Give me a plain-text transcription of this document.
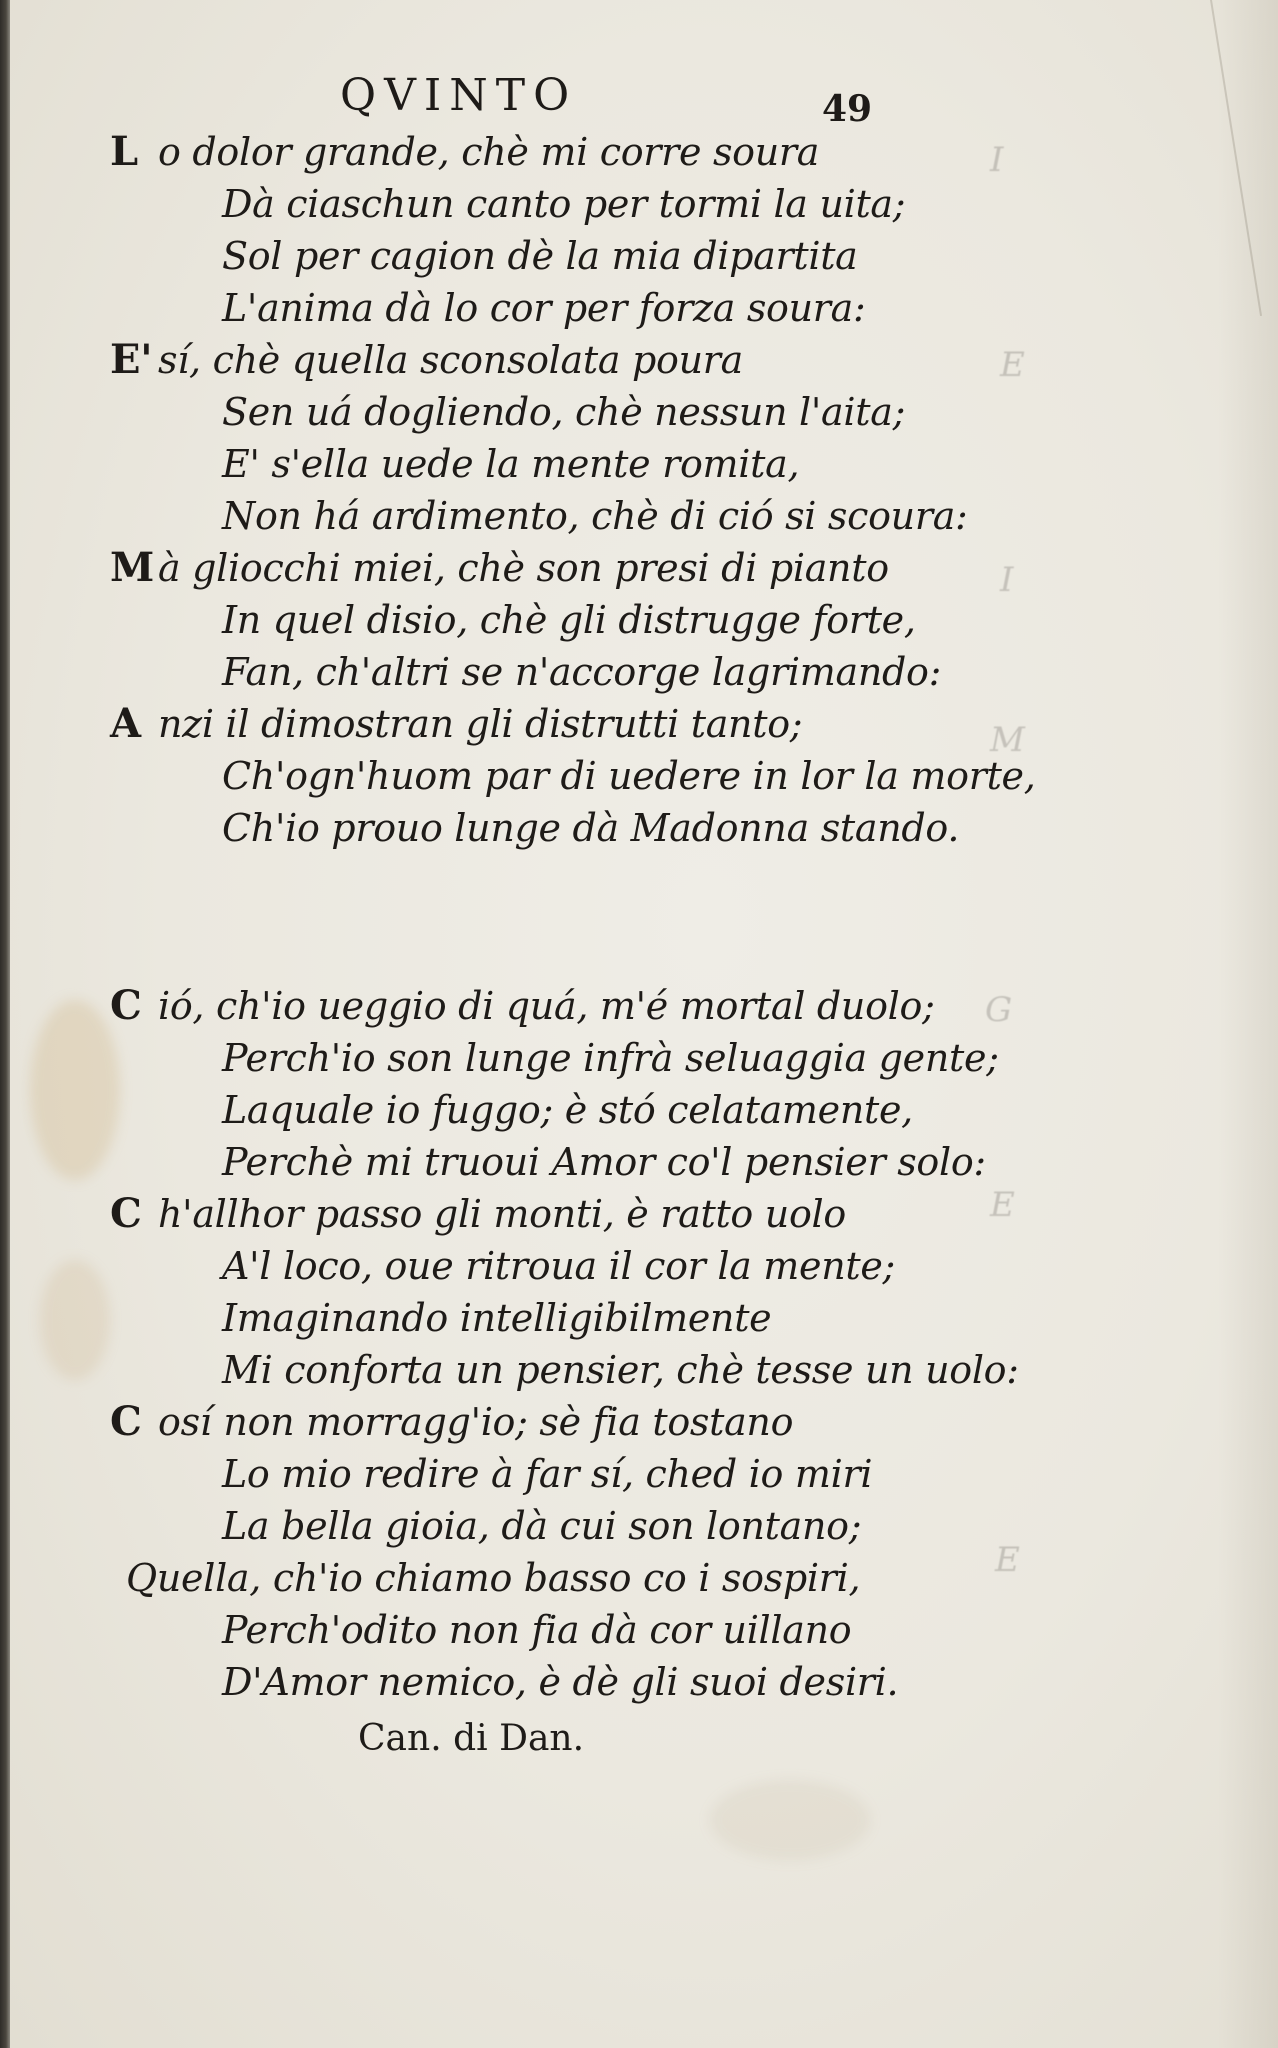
I
E
I
M
G
E
E
QVINTO	49
L o dolor grande, chè mi corre soura
Dà ciaschun canto per tormi la uita;
Sol per cagion dè la mia dipartita
L'anima dà lo cor per forza soura:
E' sí, chè quella sconsolata poura
Sen uá dogliendo, chè nessun l'aita;
E' s'ella uede la mente romita,
Non há ardimento, chè di ció si scoura:
M à gliocchi miei, chè son presi di pianto
In quel disio, chè gli distrugge forte,
Fan, ch'altri se n'accorge lagrimando:
A nzi il dimostran gli distrutti tanto;
Ch'ogn'huom par di uedere in lor la morte,
Ch'io prouo lunge dà Madonna stando.
C ió, ch'io ueggio di quá, m'é mortal duolo;
Perch'io son lunge infrà seluaggia gente;
Laquale io fuggo; è stó celatamente,
Perchè mi truoui Amor co'l pensier solo:
C h'allhor passo gli monti, è ratto uolo
A'l loco, oue ritroua il cor la mente;
Imaginando intelligibilmente
Mi conforta un pensier, chè tesse un uolo:
C osí non morragg'io; sè fia tostano
Lo mio redire à far sí, ched io miri
La bella gioia, dà cui son lontano;
Quella, ch'io chiamo basso co i sospiri,
Perch'odito non fia dà cor uillano
D'Amor nemico, è dè gli suoi desiri.
Can. di Dan.
